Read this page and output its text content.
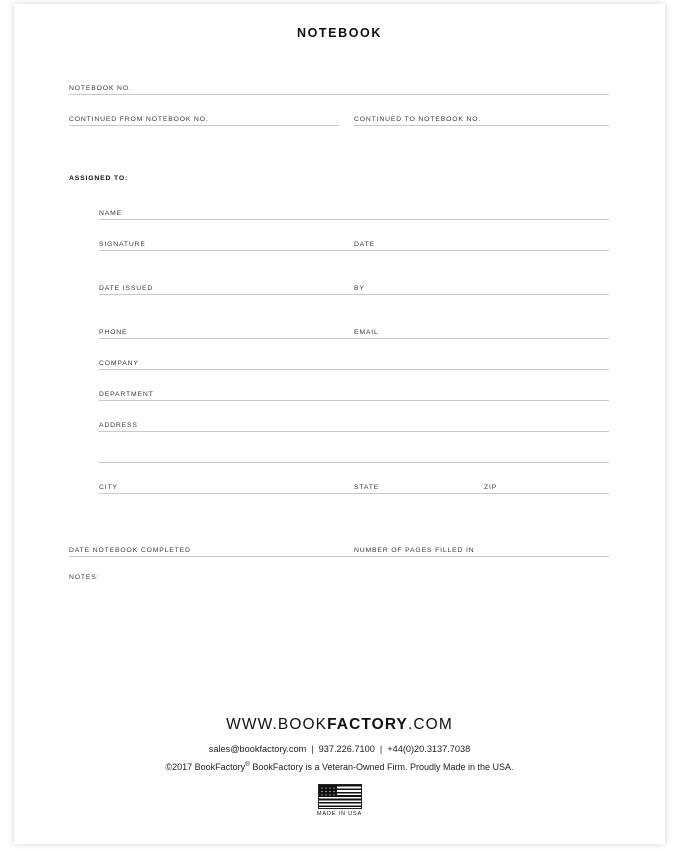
NOTEBOOK
NOTEBOOK NO.
CONTINUED FROM NOTEBOOK NO.	CONTINUED TO NOTEBOOK NO.
ASSIGNED TO:
NAME
SIGNATURE	DATE
DATE ISSUED	BY
PHONE	EMAIL
COMPANY
DEPARTMENT
ADDRESS
CITY	STATE	ZIP
DATE NOTEBOOK COMPLETED	NUMBER OF PAGES FILLED IN
NOTES:
WWW.BOOKFACTORY.COM
sales@bookfactory.com | 937.226.7100 | +44(0)20.3137.7038
©2017 BookFactory® BookFactory is a Veteran-Owned Firm. Proudly Made in the USA.
MADE IN USA
